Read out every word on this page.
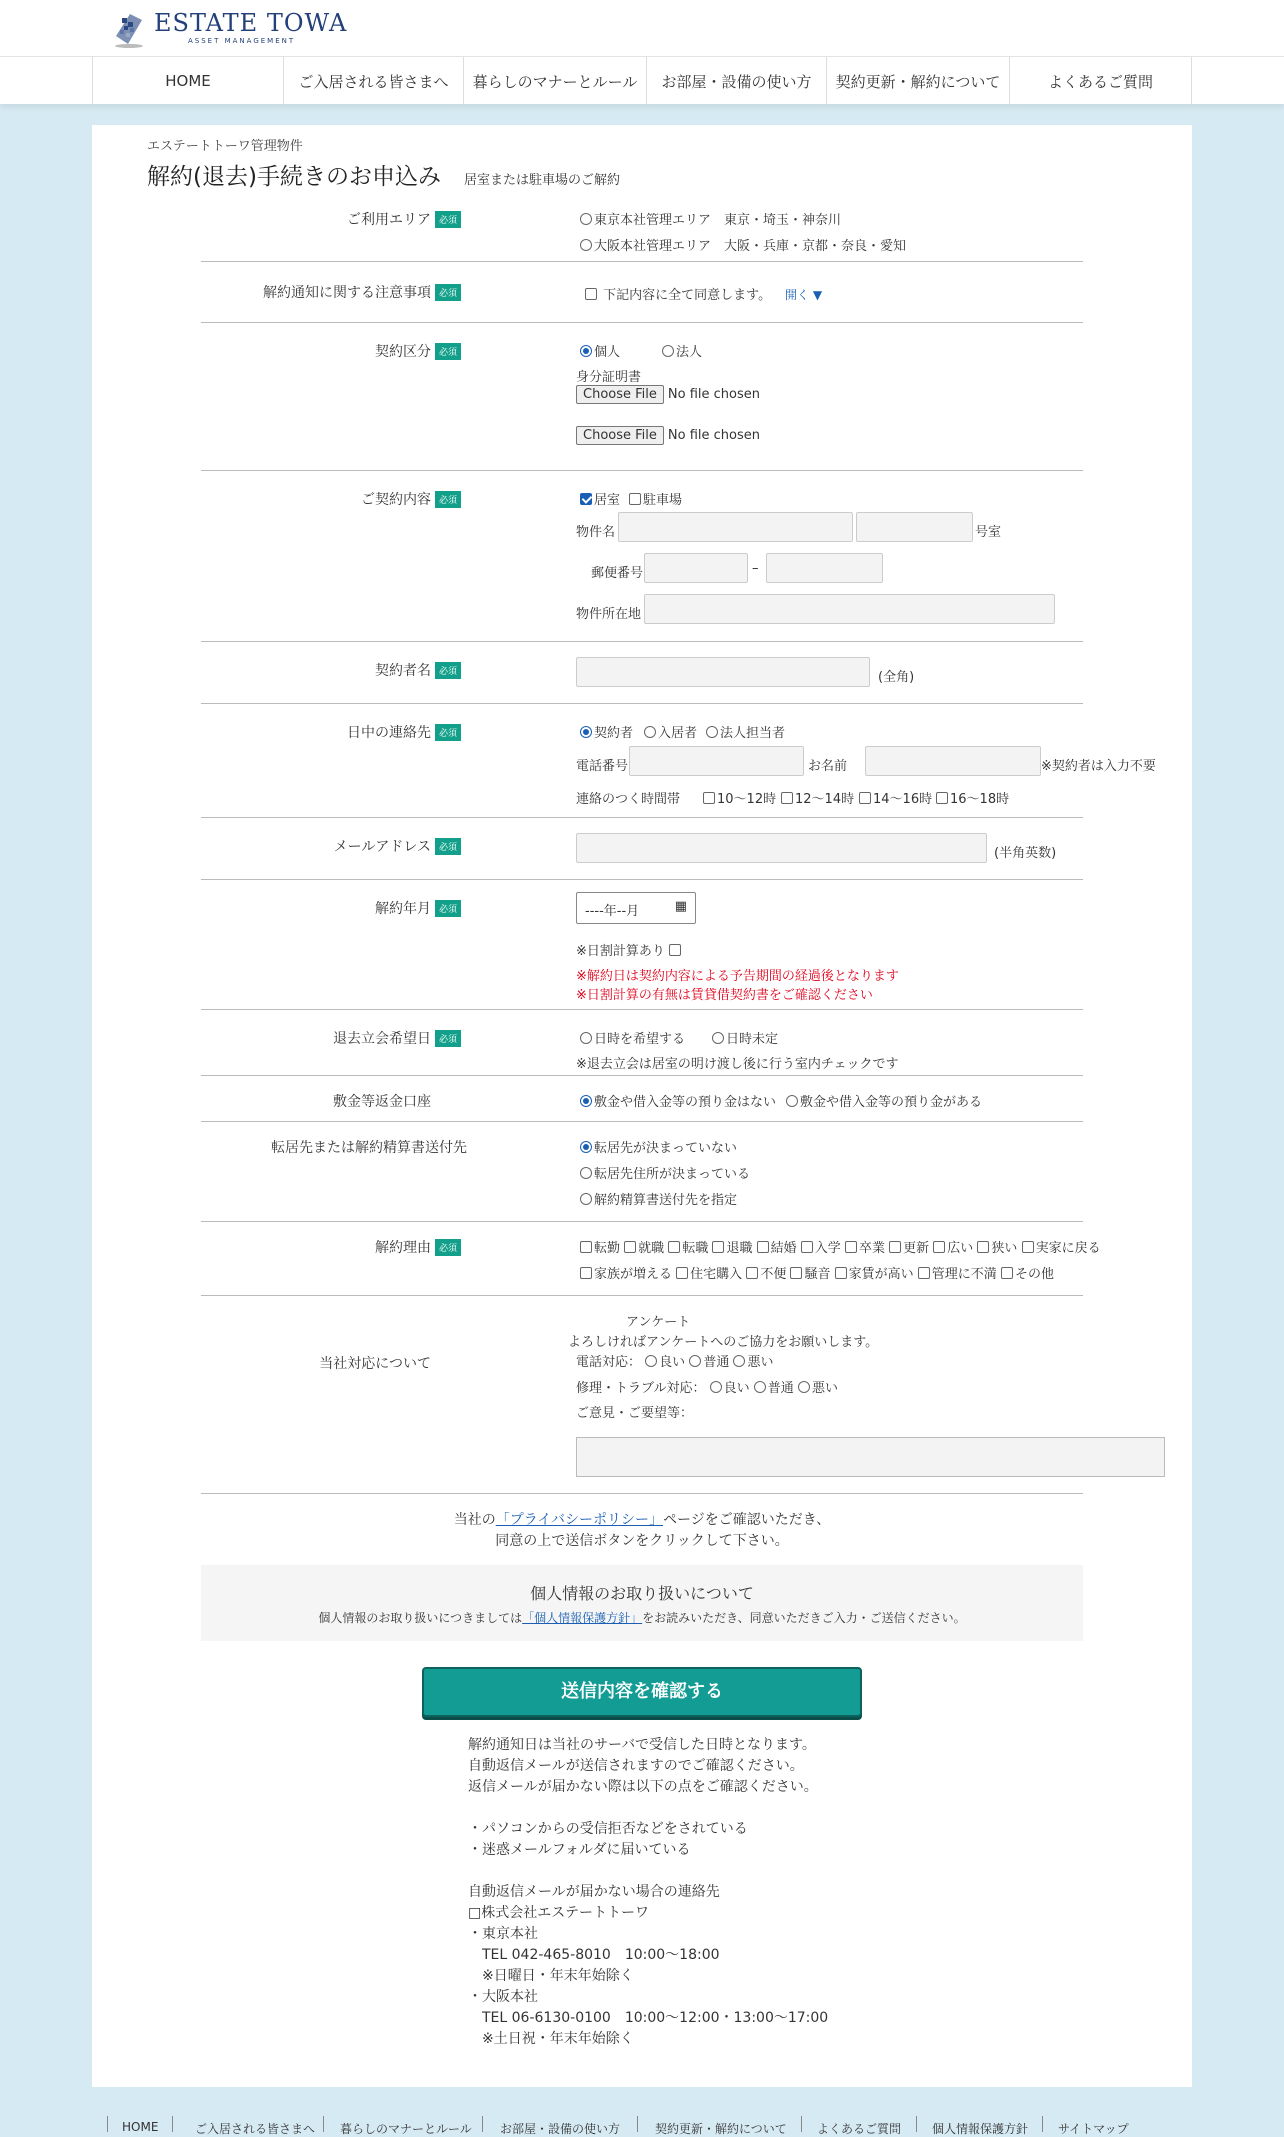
ESTATE TOWA
ASSET MANAGEMENT
HOME	ご入居される皆さまへ	暮らしのマナーとルール	お部屋・設備の使い方	契約更新・解約について	よくあるご質問
エステートトーワ管理物件
解約(退去)手続きのお申込み 居室または駐車場のご解約
ご利用エリア 必須	東京本社管理エリア　東京・埼玉・神奈川
大阪本社管理エリア　大阪・兵庫・京都・奈良・愛知
解約通知に関する注意事項 必須	下記内容に全て同意します。 開く ▼
契約区分 必須	個人	法人
身分証明書
Choose File No file chosen
Choose File No file chosen
ご契約内容 必須	居室	駐車場
物件名	号室
郵便番号	–
物件所在地
契約者名 必須	(全角)
日中の連絡先 必須	契約者	入居者	法人担当者
電話番号	お名前	※契約者は入力不要
連絡のつく時間帯	10～12時	12～14時	14～16時	16～18時
メールアドレス 必須	(半角英数)
解約年月 必須	----年--月	▦
※日割計算あり
※解約日は契約内容による予告期間の経過後となります
※日割計算の有無は賃貸借契約書をご確認ください
退去立会希望日 必須	日時を希望する	日時未定
※退去立会は居室の明け渡し後に行う室内チェックです
敷金等返金口座	敷金や借入金等の預り金はない	敷金や借入金等の預り金がある
転居先または解約精算書送付先	転居先が決まっていない
転居先住所が決まっている
解約精算書送付先を指定
解約理由 必須	転勤 就職 転職 退職 結婚 入学 卒業 更新 広い 狭い 実家に戻る
家族が増える 住宅購入 不便 騒音 家賃が高い 管理に不満 その他
当社対応について
アンケート
よろしければアンケートへのご協力をお願いします。
電話対応： 良い 普通 悪い
修理・トラブル対応： 良い 普通 悪い
ご意見・ご要望等：
当社の「プライバシーポリシー」ページをご確認いただき、
同意の上で送信ボタンをクリックして下さい。
個人情報のお取り扱いについて
個人情報のお取り扱いにつきましては「個人情報保護方針」をお読みいただき、同意いただきご入力・ご送信ください。
送信内容を確認する
解約通知日は当社のサーバで受信した日時となります。
自動返信メールが送信されますのでご確認ください。
返信メールが届かない際は以下の点をご確認ください。

・パソコンからの受信拒否などをされている
・迷惑メールフォルダに届いている

自動返信メールが届かない場合の連絡先
□株式会社エステートトーワ
・東京本社
　TEL 042-465-8010　10:00～18:00
　※日曜日・年末年始除く
・大阪本社
　TEL 06-6130-0100　10:00～12:00・13:00～17:00
　※土日祝・年末年始除く
HOME	ご入居される皆さまへ 暮らしのマナーとルール お部屋・設備の使い方	契約更新・解約について	よくあるご質問	個人情報保護方針 サイトマップ
